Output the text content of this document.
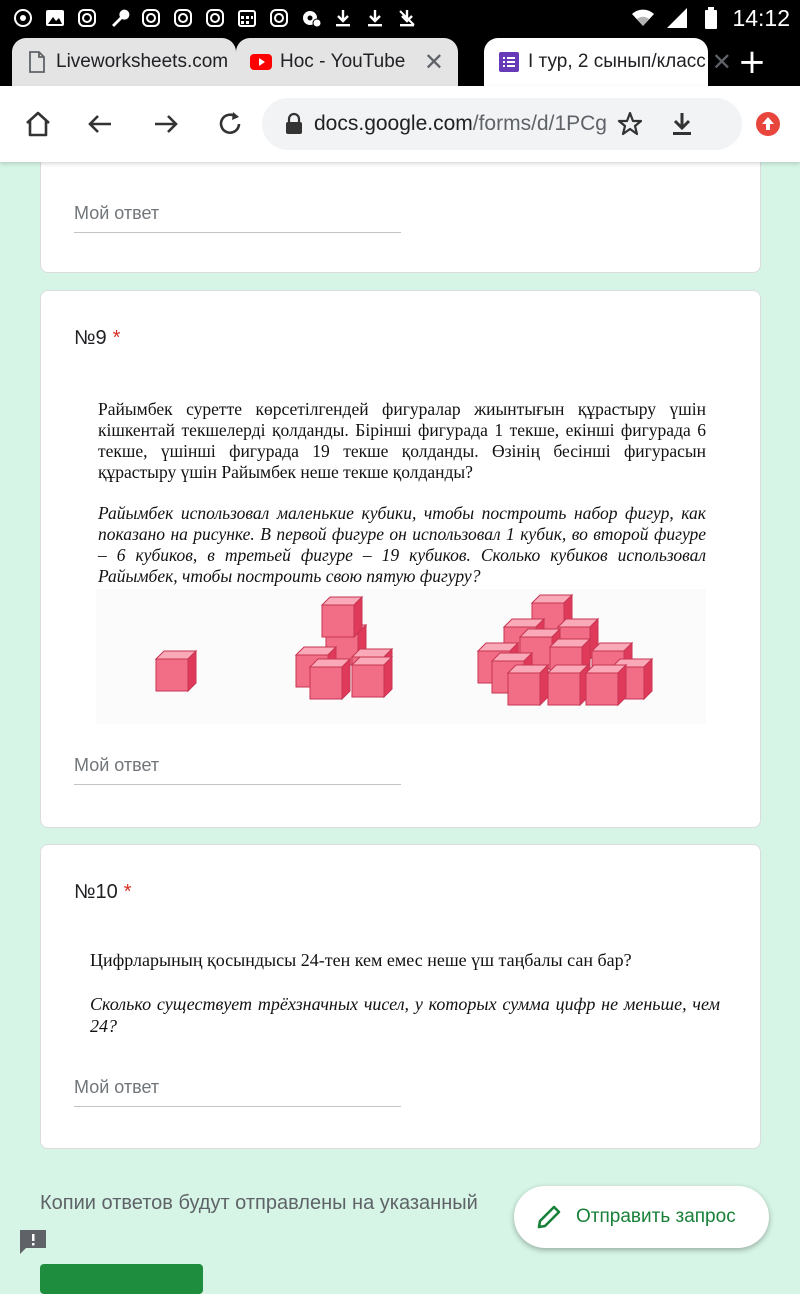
14:12
Liveworksheets.com	Нос - YouTube ✕	I тур, 2 сынып/класс ✕ +
docs.google.com/forms/d/1PCg
Мой ответ
№9 *
Райымбек суретте көрсетілгендей фигуралар жиынтығын құрастыру үшін кішкентай текшелерді қолданды. Бірінші фигурада 1 текше, екінші фигурада 6 текше, үшінші фигурада 19 текше қолданды. Өзінің бесінші фигурасын құрастыру үшін Райымбек неше текше қолданды?
Райымбек использовал маленькие кубики, чтобы построить набор фигур, как показано на рисунке. В первой фигуре он использовал 1 кубик, во второй фигуре – 6 кубиков, в третьей фигуре – 19 кубиков. Сколько кубиков использовал Райымбек, чтобы построить свою пятую фигуру?
Мой ответ
№10 *
Цифрларының қосындысы 24-тен кем емес неше үш таңбалы сан бар?
Сколько существует трёхзначных чисел, у которых сумма цифр не меньше, чем 24?
Мой ответ
Копии ответов будут отправлены на указанный
Отправить запрос
